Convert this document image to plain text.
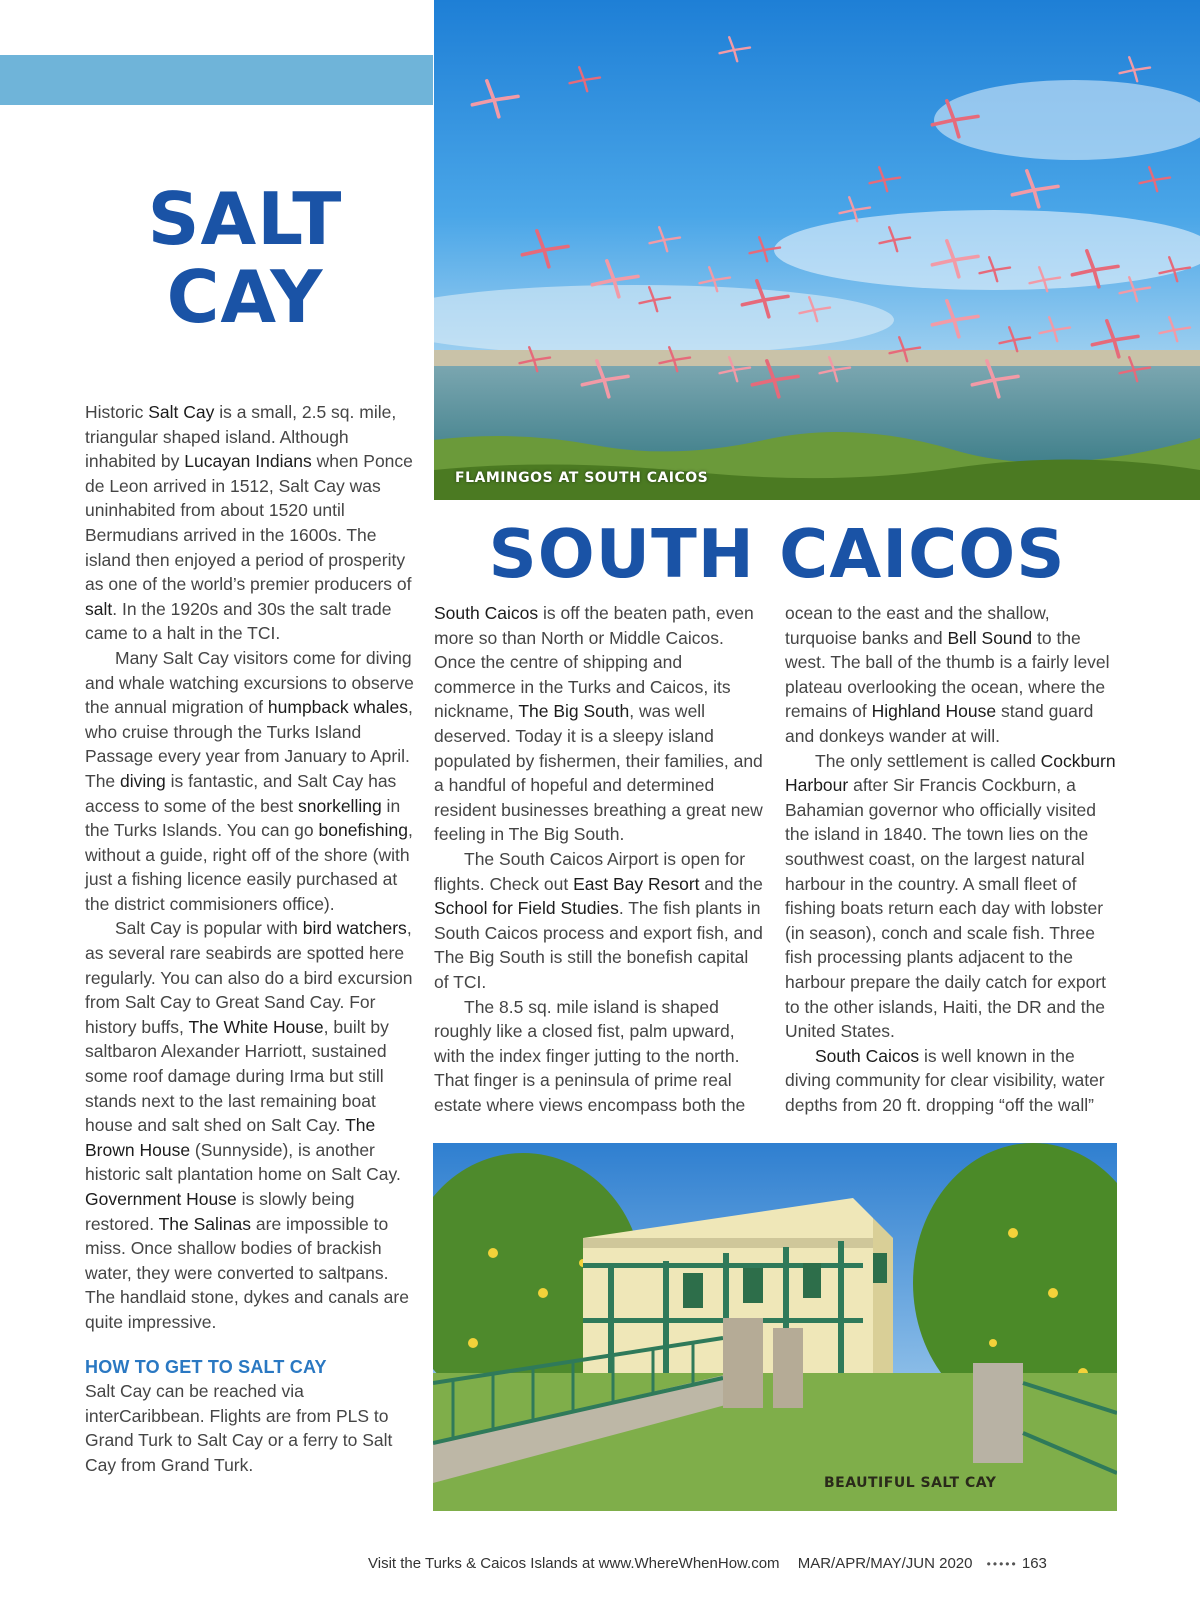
SALT
CAY

Historic Salt Cay is a small, 2.5 sq. mile, triangular shaped island. Although inhabited by Lucayan Indians when Ponce de Leon arrived in 1512, Salt Cay was uninhabited from about 1520 until Bermudians arrived in the 1600s. The island then enjoyed a period of prosperity as one of the world’s premier producers of salt. In the 1920s and 30s the salt trade came to a halt in the TCI.

Many Salt Cay visitors come for diving and whale watching excursions to observe the annual migration of humpback whales, who cruise through the Turks Island Passage every year from January to April. The diving is fantastic, and Salt Cay has access to some of the best snorkelling in the Turks Islands. You can go bonefishing, without a guide, right off of the shore (with just a fishing licence easily purchased at the district commisioners office).

Salt Cay is popular with bird watchers, as several rare seabirds are spotted here regularly. You can also do a bird excursion from Salt Cay to Great Sand Cay. For history buffs, The White House, built by saltbaron Alexander Harriott, sustained some roof damage during Irma but still stands next to the last remaining boat house and salt shed on Salt Cay. The Brown House (Sunnyside), is another historic salt plantation home on Salt Cay. Government House is slowly being restored. The Salinas are impossible to miss. Once shallow bodies of brackish water, they were converted to saltpans. The handlaid stone, dykes and canals are quite impressive.

HOW TO GET TO SALT CAY

Salt Cay can be reached via interCaribbean. Flights are from PLS to Grand Turk to Salt Cay or a ferry to Salt Cay from Grand Turk.

FLAMINGOS AT SOUTH CAICOS
SOUTH CAICOS

South Caicos is off the beaten path, even more so than North or Middle Caicos. Once the centre of shipping and commerce in the Turks and Caicos, its nickname, The Big South, was well deserved. Today it is a sleepy island populated by fishermen, their families, and a handful of hopeful and determined resident businesses breathing a great new feeling in The Big South.

The South Caicos Airport is open for flights. Check out East Bay Resort and the School for Field Studies. The fish plants in South Caicos process and export fish, and The Big South is still the bonefish capital of TCI.

The 8.5 sq. mile island is shaped roughly like a closed fist, palm upward, with the index finger jutting to the north. That finger is a peninsula of prime real estate where views encompass both the

ocean to the east and the shallow, turquoise banks and Bell Sound to the west. The ball of the thumb is a fairly level plateau overlooking the ocean, where the remains of Highland House stand guard and donkeys wander at will.

The only settlement is called Cockburn Harbour after Sir Francis Cockburn, a Bahamian governor who officially visited the island in 1840. The town lies on the southwest coast, on the largest natural harbour in the country. A small fleet of fishing boats return each day with lobster (in season), conch and scale fish. Three fish processing plants adjacent to the harbour prepare the daily catch for export to the other islands, Haiti, the DR and the United States.

South Caicos is well known in the diving community for clear visibility, water depths from 20 ft. dropping “off the wall”

BEAUTIFUL SALT CAY
Visit the Turks & Caicos Islands at www.WhereWhenHow.com MAR/APR/MAY/JUN 2020 ••••• 163
